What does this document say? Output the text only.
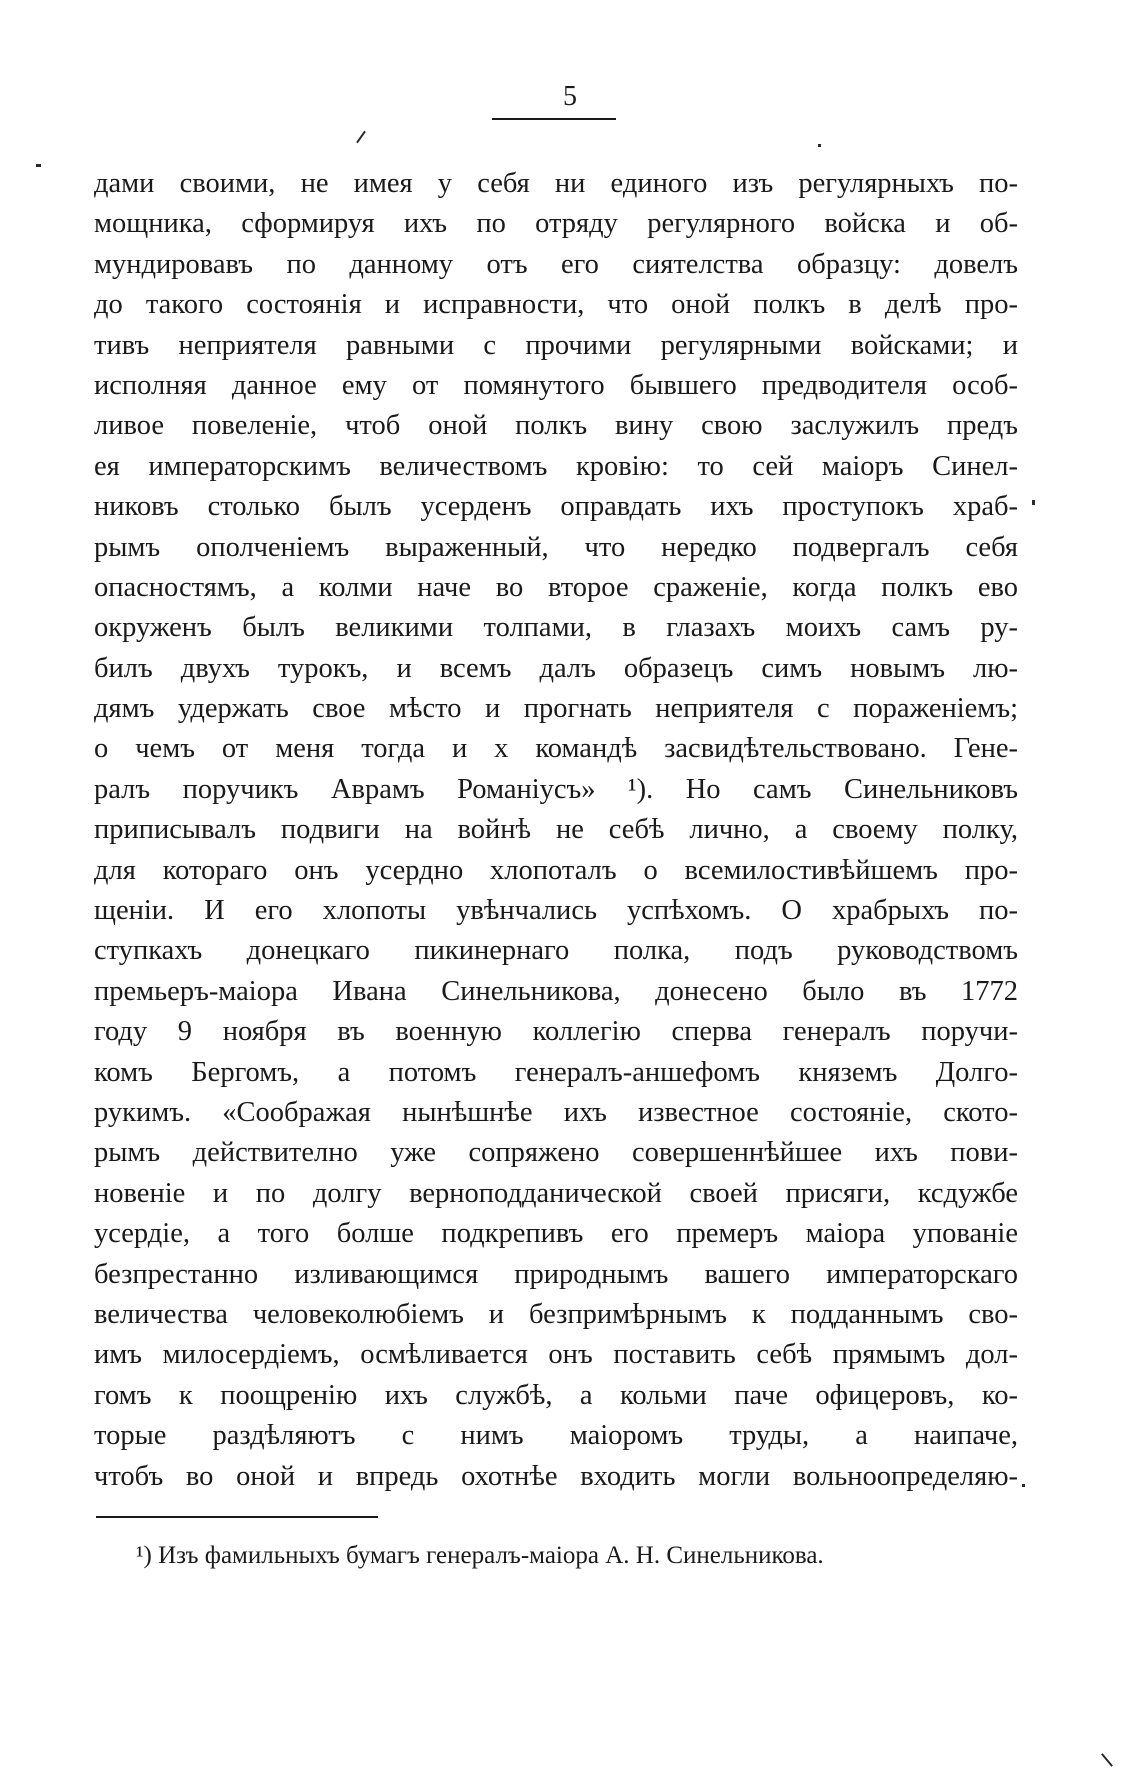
5
дами своими, не имея у себя ни единого изъ регулярныхъ по-
мощника, сформируя ихъ по отряду регулярного войска и об-
мундировавъ по данному отъ его сиятелства образцу: довелъ
до такого состоянiя и исправности, что оной полкъ в делѣ про-
тивъ неприятеля равными с прочими регулярными войсками; и
исполняя данное ему от помянутого бывшего предводителя особ-
ливое повеленiе, чтоб оной полкъ вину свою заслужилъ предъ
ея императорскимъ величествомъ кровiю: то сей маiоръ Синел-
никовъ столько былъ усерденъ оправдать ихъ проступокъ храб-
рымъ ополченiемъ выраженный, что нередко подвергалъ себя
опасностямъ, а колми наче во второе сраженiе, когда полкъ ево
окруженъ былъ великими толпами, в глазахъ моихъ самъ ру-
билъ двухъ турокъ, и всемъ далъ образецъ симъ новымъ лю-
дямъ удержать свое мѣсто и прогнать неприятеля с пораженiемъ;
о чемъ от меня тогда и х командѣ засвидѣтельствовано. Гене-
ралъ поручикъ Аврамъ Романiусъ» ¹). Но самъ Синельниковъ
приписывалъ подвиги на войнѣ не себѣ лично, а своему полку,
для котораго онъ усердно хлопоталъ о всемилостивѣйшемъ про-
щенiи. И его хлопоты увѣнчались успѣхомъ. О храбрыхъ по-
ступкахъ донецкаго пикинернаго полка, подъ руководствомъ
премьеръ-маiора Ивана Синельникова, донесено было въ 1772
году 9 ноября въ военную коллегiю сперва генералъ поручи-
комъ Бергомъ, а потомъ генералъ-аншефомъ княземъ Долго-
рукимъ. «Соображая нынѣшнѣе ихъ известное состоянiе, ското-
рымъ действително уже сопряжено совершеннѣйшее ихъ пови-
новенiе и по долгу верноподданической своей присяги, ксдужбе
усердiе, а того болше подкрепивъ его премеръ маiора упованiе
безпрестанно изливающимся природнымъ вашего императорскаго
величества человеколюбiемъ и безпримѣрнымъ к подданнымъ сво-
имъ милосердiемъ, осмѣливается онъ поставить себѣ прямымъ дол-
гомъ к поощренiю ихъ службѣ, а кольми паче офицеровъ, ко-
торые раздѣляютъ с нимъ маiоромъ труды, а наипаче,
чтобъ во оной и впредь охотнѣе входить могли вольноопределяю-
¹) Изъ фамильныхъ бумагъ генералъ-маiора А. Н. Синельникова.
